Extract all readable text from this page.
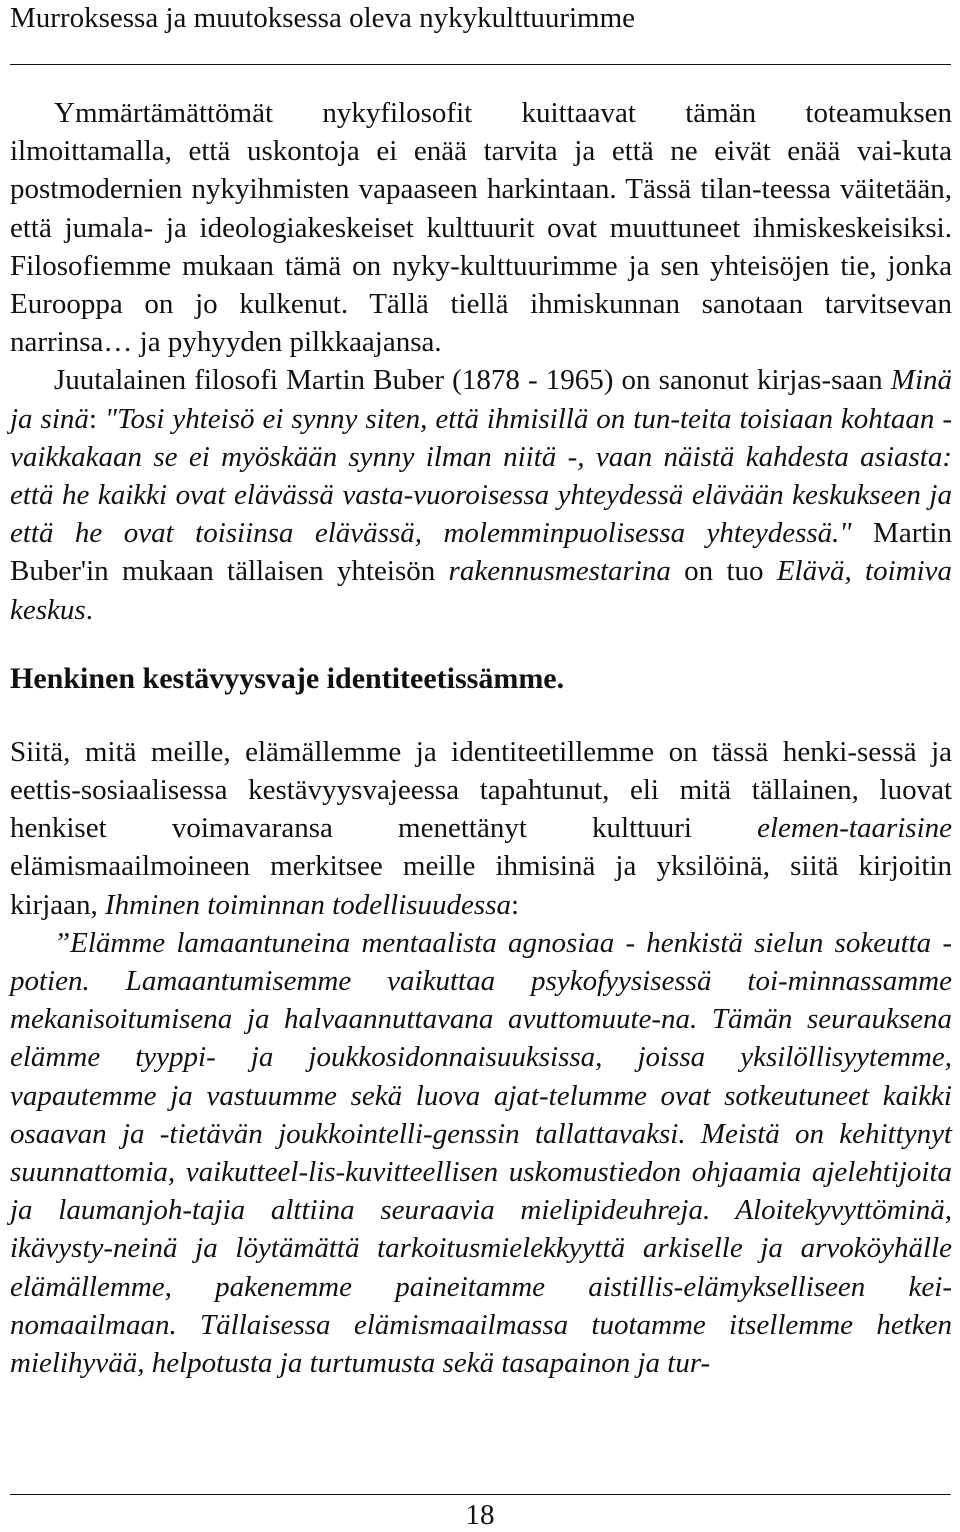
Murroksessa ja muutoksessa oleva nykykulttuurimme

Ymmärtämättömät nykyfilosofit kuittaavat tämän toteamuksen ilmoittamalla, että uskontoja ei enää tarvita ja että ne eivät enää vai-kuta postmodernien nykyihmisten vapaaseen harkintaan. Tässä tilan-teessa väitetään, että jumala- ja ideologiakeskeiset kulttuurit ovat muuttuneet ihmiskeskeisiksi. Filosofiemme mukaan tämä on nyky-kulttuurimme ja sen yhteisöjen tie, jonka Eurooppa on jo kulkenut. Tällä tiellä ihmiskunnan sanotaan tarvitsevan narrinsa… ja pyhyyden pilkkaajansa.

Juutalainen filosofi Martin Buber (1878 - 1965) on sanonut kirjas-saan Minä ja sinä: "Tosi yhteisö ei synny siten, että ihmisillä on tun-teita toisiaan kohtaan - vaikkakaan se ei myöskään synny ilman niitä -, vaan näistä kahdesta asiasta: että he kaikki ovat elävässä vasta-vuoroisessa yhteydessä elävään keskukseen ja että he ovat toisiinsa elävässä, molemminpuolisessa yhteydessä." Martin Buber'in mukaan tällaisen yhteisön rakennusmestarina on tuo Elävä, toimiva keskus.

Henkinen kestävyysvaje identiteetissämme.

Siitä, mitä meille, elämällemme ja identiteetillemme on tässä henki-sessä ja eettis-sosiaalisessa kestävyysvajeessa tapahtunut, eli mitä tällainen, luovat henkiset voimavaransa menettänyt kulttuuri elemen-taarisine elämismaailmoineen merkitsee meille ihmisinä ja yksilöinä, siitä kirjoitin kirjaan, Ihminen toiminnan todellisuudessa:

”Elämme lamaantuneina mentaalista agnosiaa - henkistä sielun sokeutta - potien. Lamaantumisemme vaikuttaa psykofyysisessä toi-minnassamme mekanisoitumisena ja halvaannuttavana avuttomuute-na. Tämän seurauksena elämme tyyppi- ja joukkosidonnaisuuksissa, joissa yksilöllisyytemme, vapautemme ja vastuumme sekä luova ajat-telumme ovat sotkeutuneet kaikki osaavan ja -tietävän joukkointelli-genssin tallattavaksi. Meistä on kehittynyt suunnattomia, vaikutteel-lis-kuvitteellisen uskomustiedon ohjaamia ajelehtijoita ja laumanjoh-tajia alttiina seuraavia mielipideuhreja. Aloitekyvyttöminä, ikävysty-neinä ja löytämättä tarkoitusmielekkyyttä arkiselle ja arvoköyhälle elämällemme, pakenemme paineitamme aistillis-elämykselliseen kei-nomaailmaan. Tällaisessa elämismaailmassa tuotamme itsellemme hetken mielihyvää, helpotusta ja turtumusta sekä tasapainon ja tur-

18
